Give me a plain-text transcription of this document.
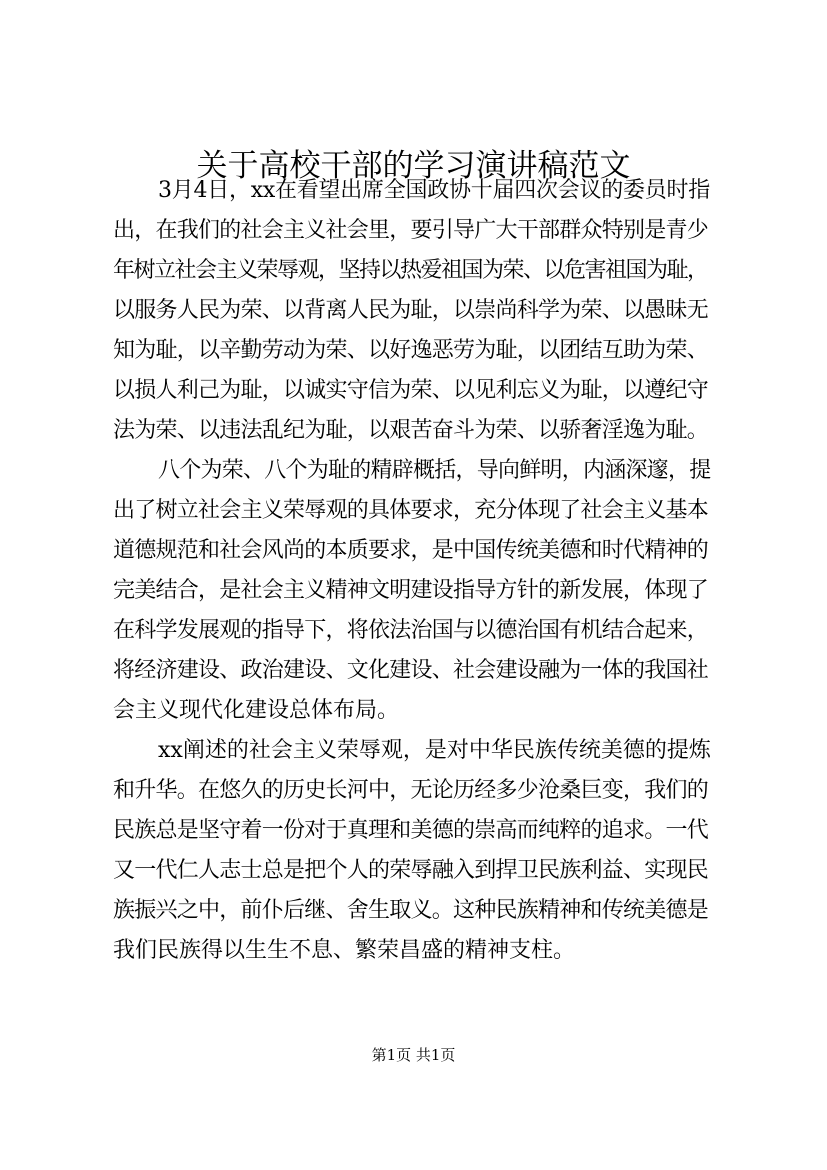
关于高校干部的学习演讲稿范文

3月4日，xx在看望出席全国政协十届四次会议的委员时指

出，在我们的社会主义社会里，要引导广大干部群众特别是青少

年树立社会主义荣辱观，坚持以热爱祖国为荣、以危害祖国为耻，

以服务人民为荣、以背离人民为耻，以崇尚科学为荣、以愚昧无

知为耻，以辛勤劳动为荣、以好逸恶劳为耻，以团结互助为荣、

以损人利己为耻，以诚实守信为荣、以见利忘义为耻，以遵纪守

法为荣、以违法乱纪为耻，以艰苦奋斗为荣、以骄奢淫逸为耻。

八个为荣、八个为耻的精辟概括，导向鲜明，内涵深邃，提

出了树立社会主义荣辱观的具体要求，充分体现了社会主义基本

道德规范和社会风尚的本质要求，是中国传统美德和时代精神的

完美结合，是社会主义精神文明建设指导方针的新发展，体现了

在科学发展观的指导下，将依法治国与以德治国有机结合起来，

将经济建设、政治建设、文化建设、社会建设融为一体的我国社

会主义现代化建设总体布局。

xx阐述的社会主义荣辱观，是对中华民族传统美德的提炼

和升华。在悠久的历史长河中，无论历经多少沧桑巨变，我们的

民族总是坚守着一份对于真理和美德的崇高而纯粹的追求。一代

又一代仁人志士总是把个人的荣辱融入到捍卫民族利益、实现民

族振兴之中，前仆后继、舍生取义。这种民族精神和传统美德是

我们民族得以生生不息、繁荣昌盛的精神支柱。

第1页 共1页
